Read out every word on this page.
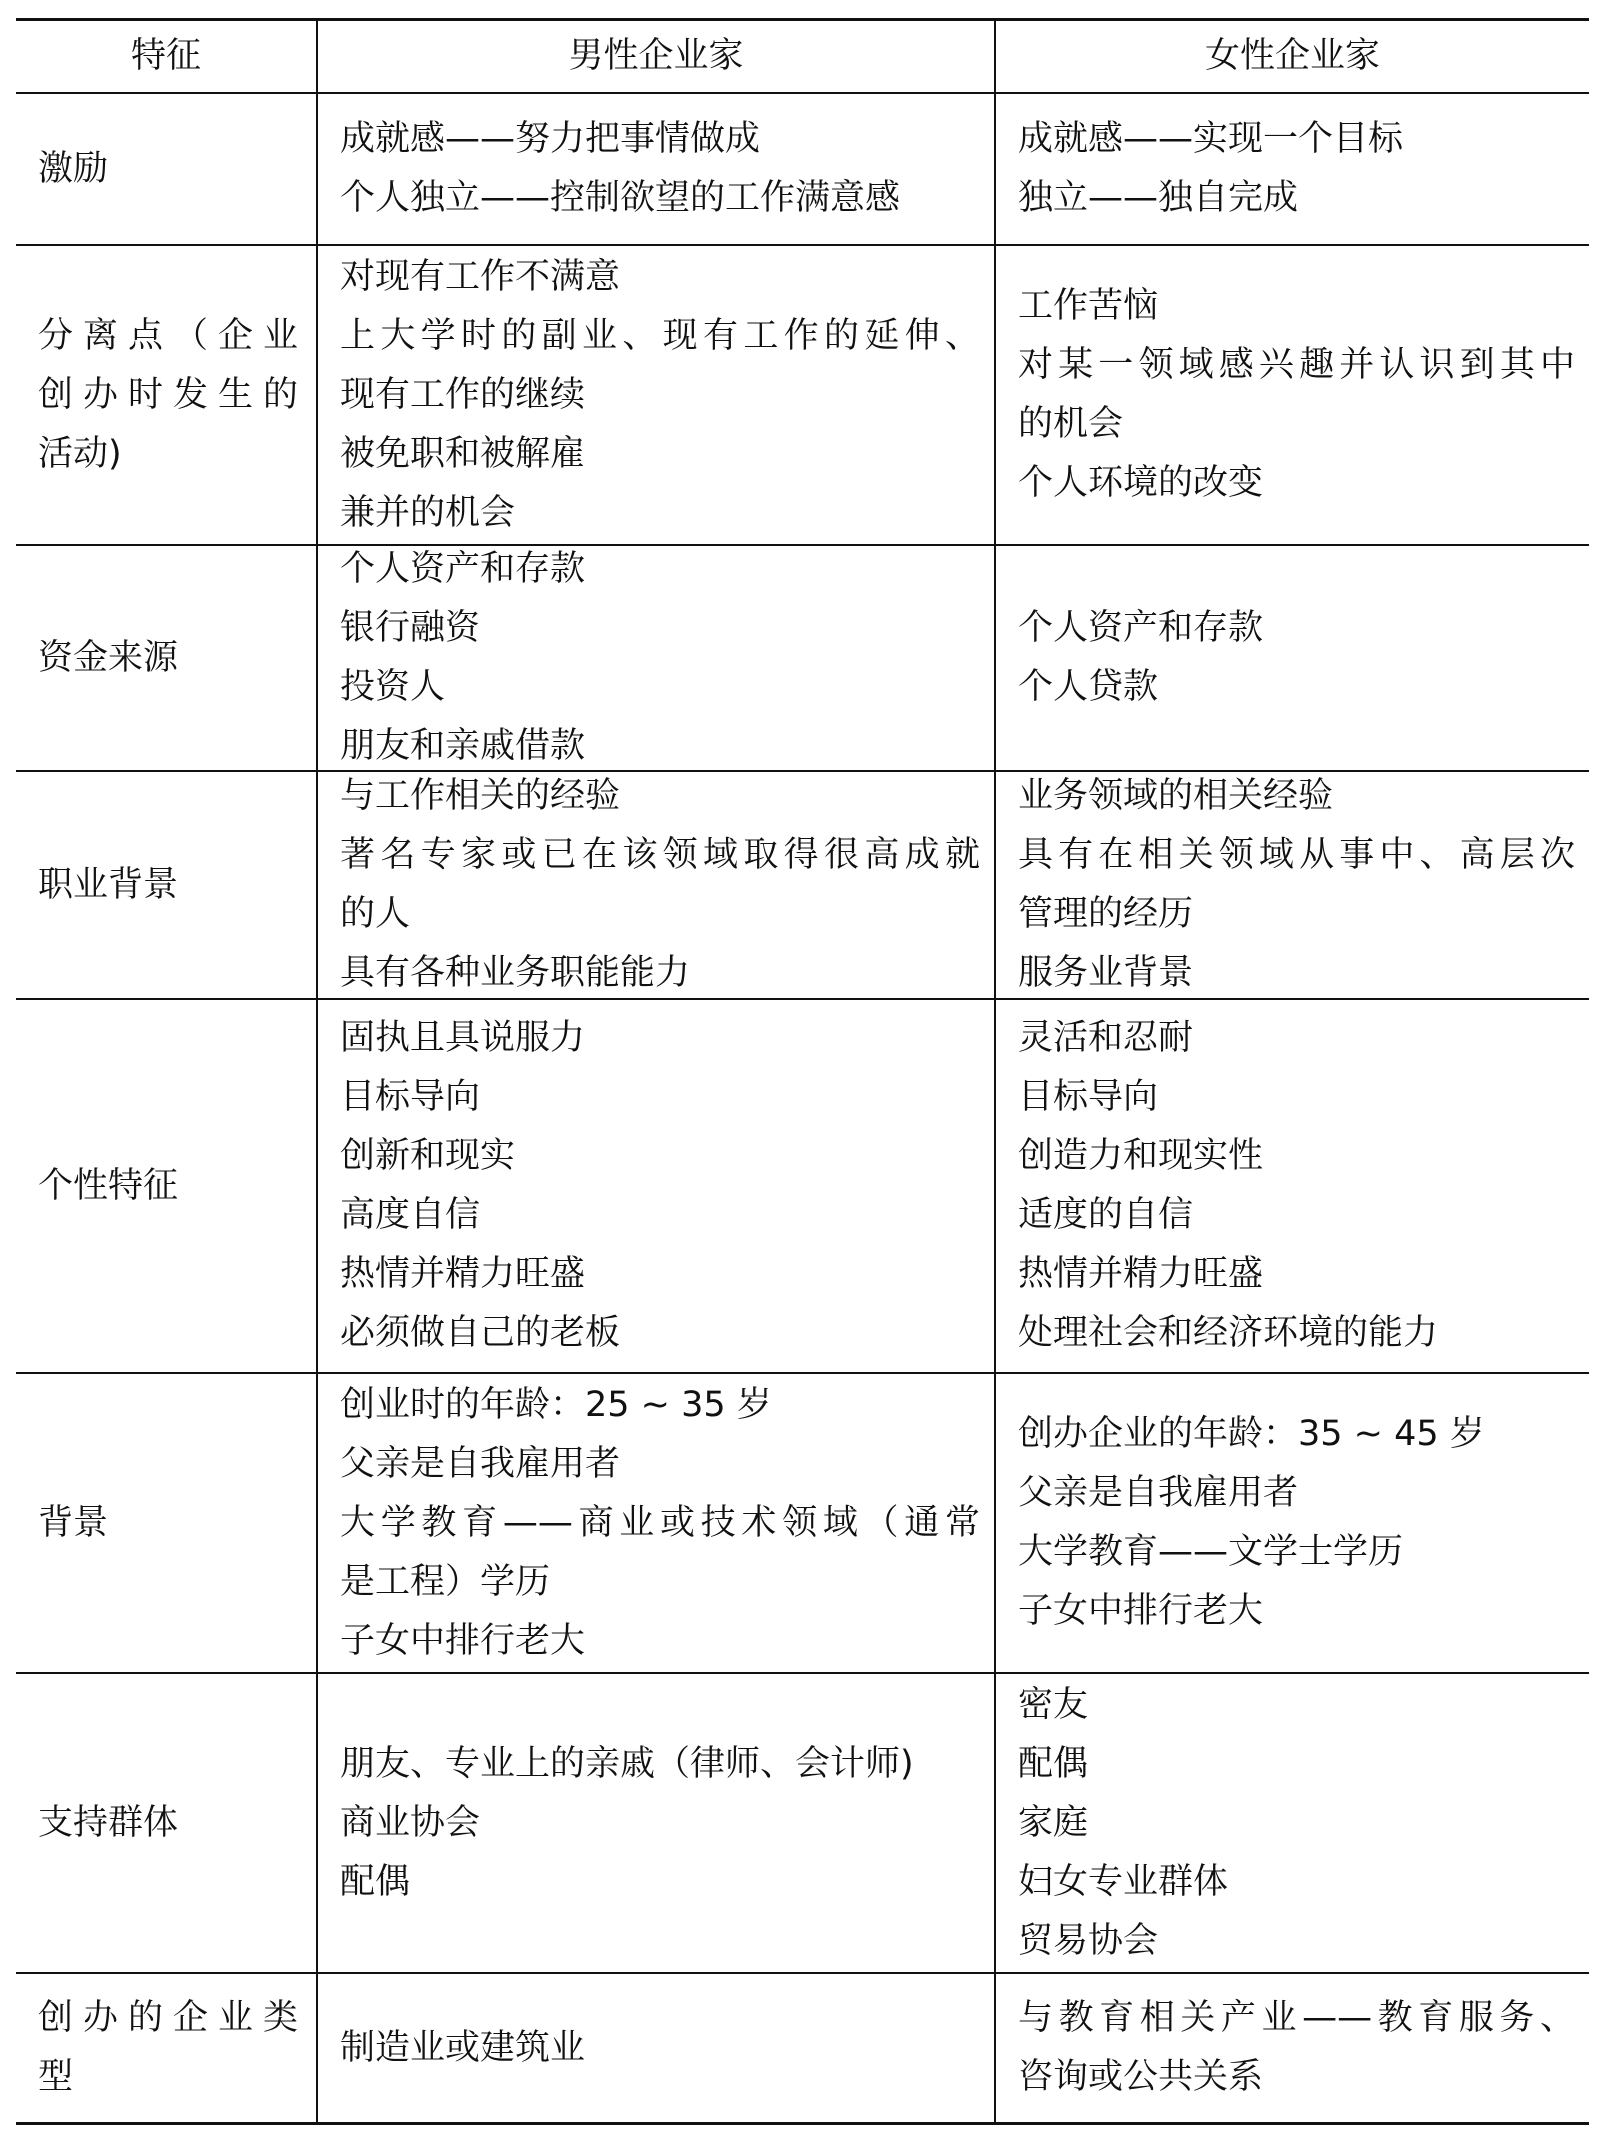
特征	男性企业家	女性企业家
激励
成就感——努力把事情做成
个人独立——控制欲望的工作满意感
成就感——实现一个目标
独立——独自完成
分离点（企业
创办时发生的
活动)
对现有工作不满意
上大学时的副业、现有工作的延伸、
现有工作的继续
被免职和被解雇
兼并的机会
工作苦恼
对某一领域感兴趣并认识到其中
的机会
个人环境的改变
资金来源
个人资产和存款
银行融资
投资人
朋友和亲戚借款
个人资产和存款
个人贷款
职业背景
与工作相关的经验
著名专家或已在该领域取得很高成就
的人
具有各种业务职能能力
业务领域的相关经验
具有在相关领域从事中、高层次
管理的经历
服务业背景
个性特征
固执且具说服力
目标导向
创新和现实
高度自信
热情并精力旺盛
必须做自己的老板
灵活和忍耐
目标导向
创造力和现实性
适度的自信
热情并精力旺盛
处理社会和经济环境的能力
背景
创业时的年龄：25 ~ 35 岁
父亲是自我雇用者
大学教育——商业或技术领域（通常
是工程）学历
子女中排行老大
创办企业的年龄：35 ~ 45 岁
父亲是自我雇用者
大学教育——文学士学历
子女中排行老大
支持群体
朋友、专业上的亲戚（律师、会计师)
商业协会
配偶
密友
配偶
家庭
妇女专业群体
贸易协会
创办的企业类
型
制造业或建筑业
与教育相关产业——教育服务、
咨询或公共关系
